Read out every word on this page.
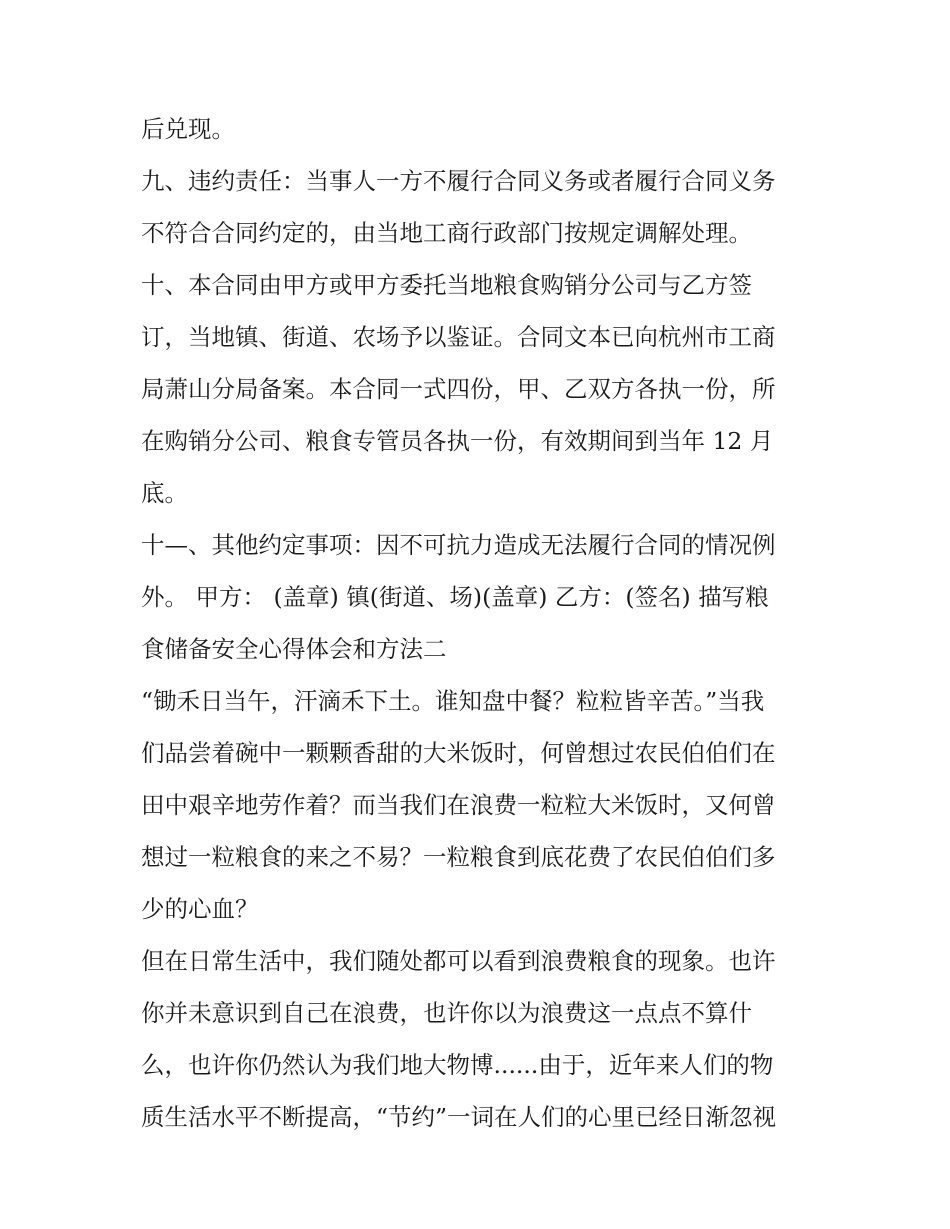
后兑现。
九、违约责任：当事人一方不履行合同义务或者履行合同义务
不符合合同约定的，由当地工商行政部门按规定调解处理。
十、本合同由甲方或甲方委托当地粮食购销分公司与乙方签
订，当地镇、街道、农场予以鉴证。合同文本已向杭州市工商
局萧山分局备案。本合同一式四份，甲、乙双方各执一份，所
在购销分公司、粮食专管员各执一份，有效期间到当年 12 月
底。
十—、其他约定事项：因不可抗力造成无法履行合同的情况例
外。 甲方： (盖章) 镇(街道、场)(盖章) 乙方：(签名) 描写粮
食储备安全心得体会和方法二
“锄禾日当午，汗滴禾下土。谁知盘中餐？粒粒皆辛苦。”当我
们品尝着碗中一颗颗香甜的大米饭时，何曾想过农民伯伯们在
田中艰辛地劳作着？而当我们在浪费一粒粒大米饭时，又何曾
想过一粒粮食的来之不易？一粒粮食到底花费了农民伯伯们多
少的心血？
但在日常生活中，我们随处都可以看到浪费粮食的现象。也许
你并未意识到自己在浪费，也许你以为浪费这一点点不算什
么，也许你仍然认为我们地大物博......由于，近年来人们的物
质生活水平不断提高，“节约”一词在人们的心里已经日渐忽视
